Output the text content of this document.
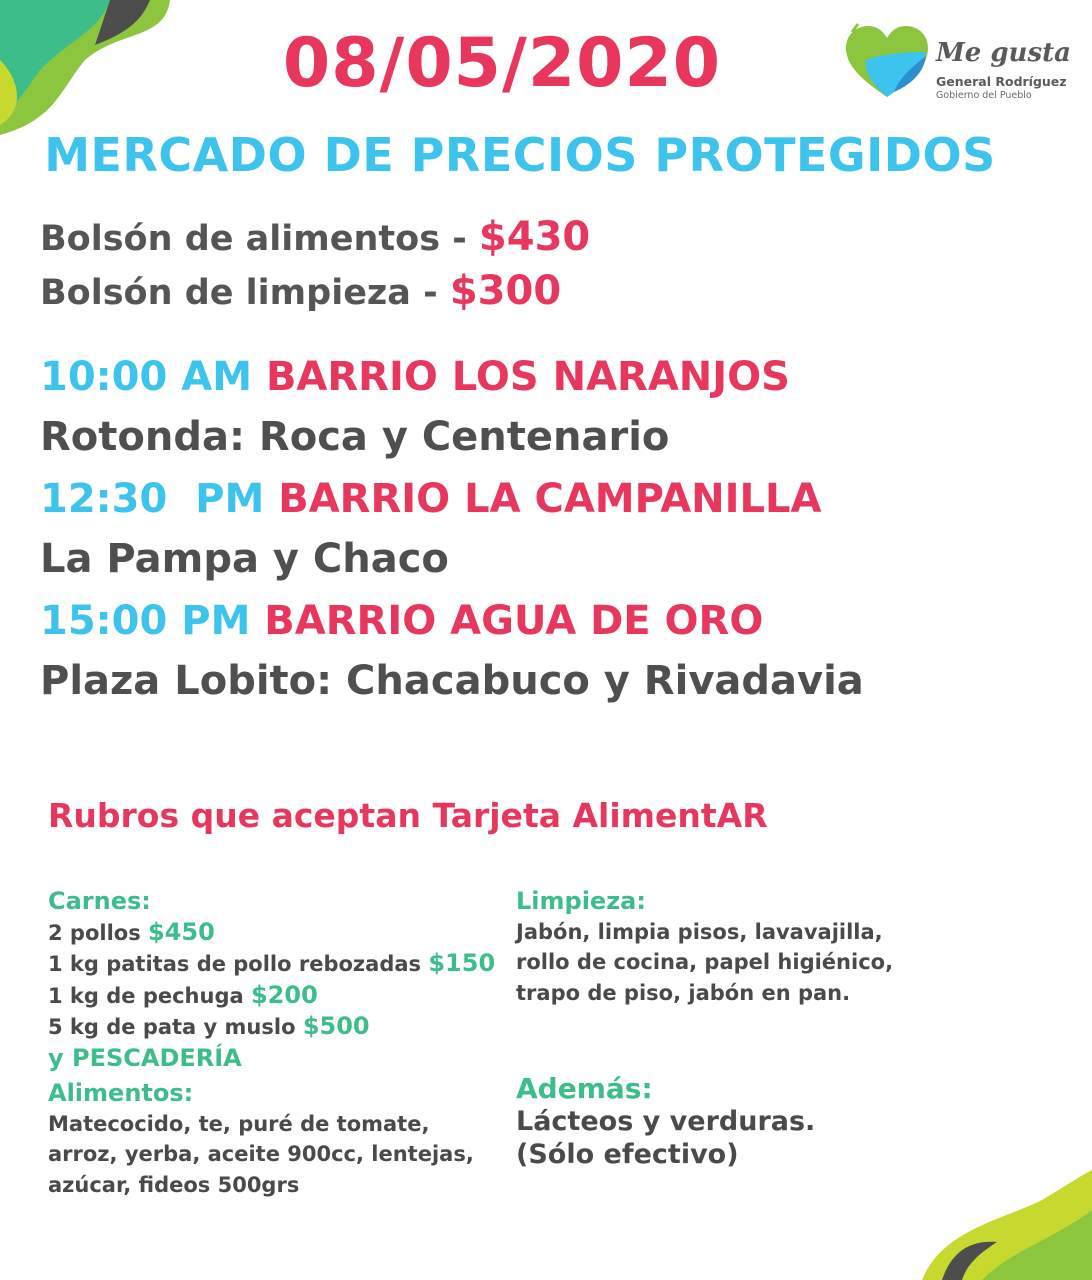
08/05/2020	Me gusta
General Rodríguez
Gobierno del Pueblo
MERCADO DE PRECIOS PROTEGIDOS
Bolsón de alimentos - $430
Bolsón de limpieza - $300
10:00 AM BARRIO LOS NARANJOS
Rotonda: Roca y Centenario
12:30  PM BARRIO LA CAMPANILLA
La Pampa y Chaco
15:00 PM BARRIO AGUA DE ORO
Plaza Lobito: Chacabuco y Rivadavia
Rubros que aceptan Tarjeta AlimentAR
Carnes:
2 pollos $450
1 kg patitas de pollo rebozadas $150
1 kg de pechuga $200
5 kg de pata y muslo $500
y PESCADERÍA
Alimentos:
Matecocido, te, puré de tomate,
arroz, yerba, aceite 900cc, lentejas,
azúcar, fideos 500grs
Limpieza:
Jabón, limpia pisos, lavavajilla,
rollo de cocina, papel higiénico,
trapo de piso, jabón en pan.
Además:
Lácteos y verduras.
(Sólo efectivo)
